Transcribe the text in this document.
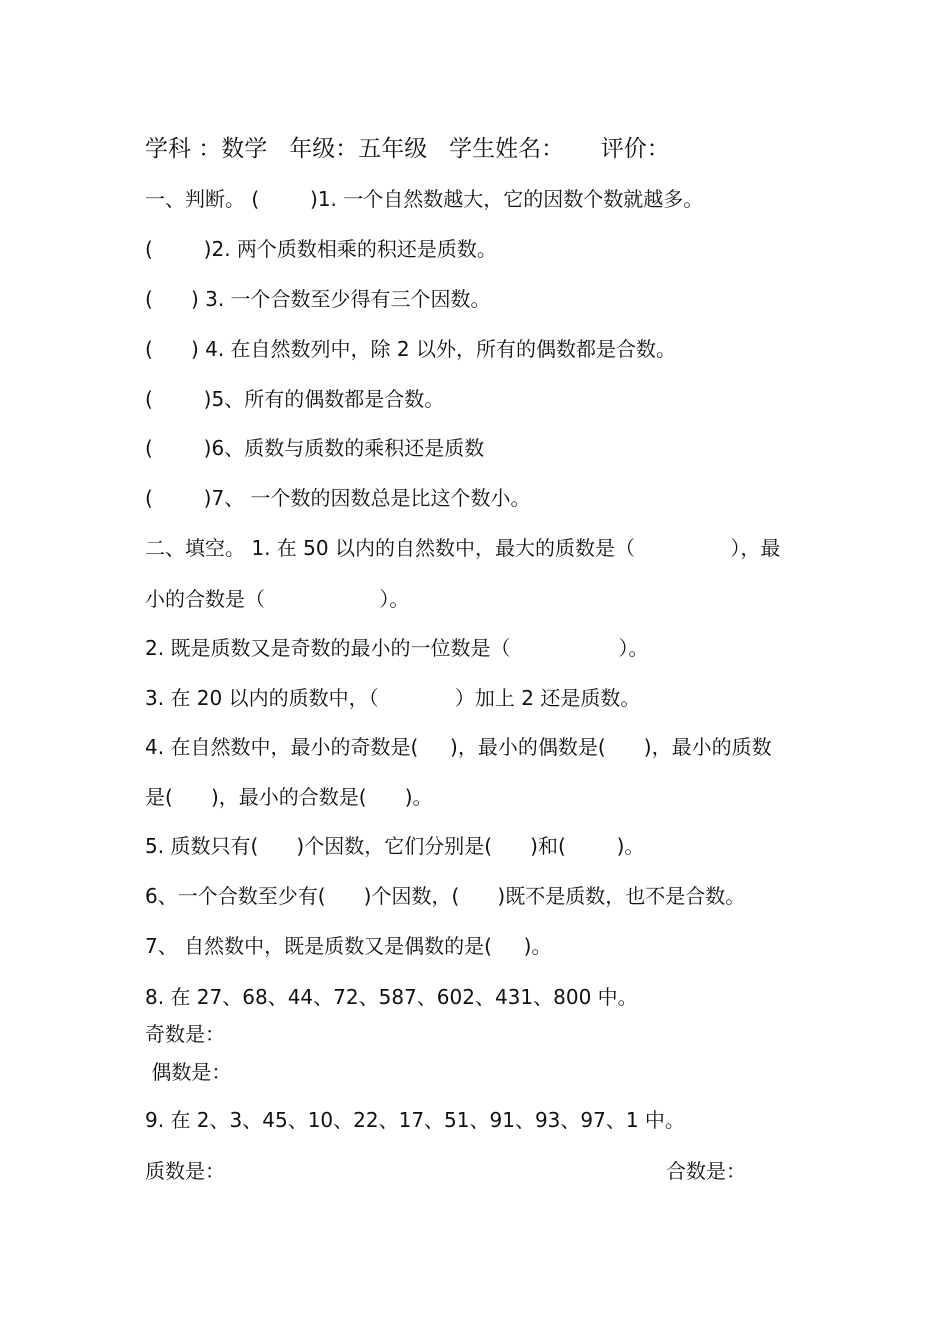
学科 ：数学   年级：五年级   学生姓名：     评价：
一、判断。 (        )1. 一个自然数越大，它的因数个数就越多。
(        )2. 两个质数相乘的积还是质数。
(      ) 3. 一个合数至少得有三个因数。
(      ) 4. 在自然数列中，除 2 以外，所有的偶数都是合数。
(        )5、所有的偶数都是合数。
(        )6、质数与质数的乘积还是质数
(        )7、 一个数的因数总是比这个数小。
二、填空。 1. 在 50 以内的自然数中，最大的质数是（               ），最
小的合数是（                  ）。
2. 既是质数又是奇数的最小的一位数是（                 ）。
3. 在 20 以内的质数中，（            ）加上 2 还是质数。
4. 在自然数中，最小的奇数是(     )，最小的偶数是(      )，最小的质数
是(      )，最小的合数是(      )。
5. 质数只有(      )个因数，它们分别是(      )和(        )。
6、一个合数至少有(      )个因数，(      )既不是质数，也不是合数。
7、 自然数中，既是质数又是偶数的是(     )。
8. 在 27、68、44、72、587、602、431、800 中。
奇数是：
偶数是：
9. 在 2、3、45、10、22、17、51、91、93、97、1 中。
质数是：	合数是：
